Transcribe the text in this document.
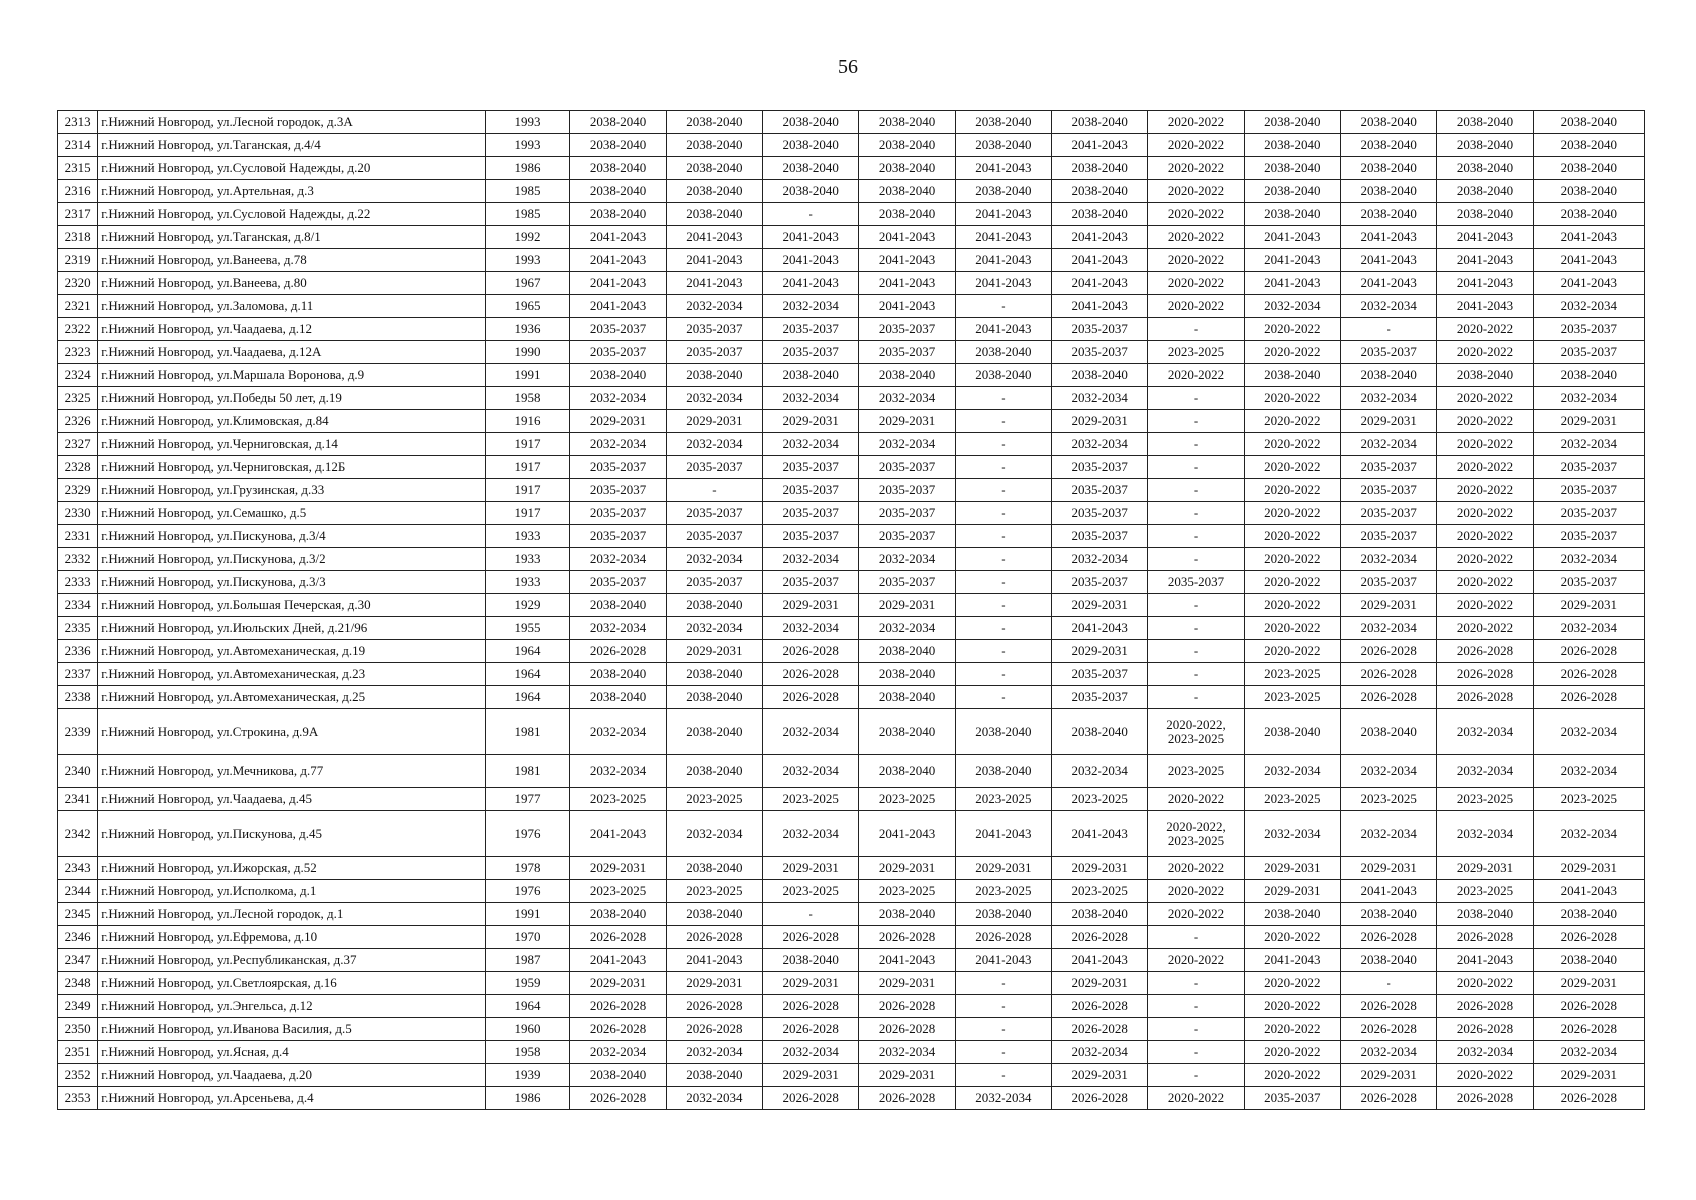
56
2313	г.Нижний Новгород, ул.Лесной городок, д.3А	1993	2038-2040	2038-2040	2038-2040	2038-2040	2038-2040	2038-2040	2020-2022	2038-2040	2038-2040	2038-2040	2038-2040
2314	г.Нижний Новгород, ул.Таганская, д.4/4	1993	2038-2040	2038-2040	2038-2040	2038-2040	2038-2040	2041-2043	2020-2022	2038-2040	2038-2040	2038-2040	2038-2040
2315	г.Нижний Новгород, ул.Сусловой Надежды, д.20	1986	2038-2040	2038-2040	2038-2040	2038-2040	2041-2043	2038-2040	2020-2022	2038-2040	2038-2040	2038-2040	2038-2040
2316	г.Нижний Новгород, ул.Артельная, д.3	1985	2038-2040	2038-2040	2038-2040	2038-2040	2038-2040	2038-2040	2020-2022	2038-2040	2038-2040	2038-2040	2038-2040
2317	г.Нижний Новгород, ул.Сусловой Надежды, д.22	1985	2038-2040	2038-2040	-	2038-2040	2041-2043	2038-2040	2020-2022	2038-2040	2038-2040	2038-2040	2038-2040
2318	г.Нижний Новгород, ул.Таганская, д.8/1	1992	2041-2043	2041-2043	2041-2043	2041-2043	2041-2043	2041-2043	2020-2022	2041-2043	2041-2043	2041-2043	2041-2043
2319	г.Нижний Новгород, ул.Ванеева, д.78	1993	2041-2043	2041-2043	2041-2043	2041-2043	2041-2043	2041-2043	2020-2022	2041-2043	2041-2043	2041-2043	2041-2043
2320	г.Нижний Новгород, ул.Ванеева, д.80	1967	2041-2043	2041-2043	2041-2043	2041-2043	2041-2043	2041-2043	2020-2022	2041-2043	2041-2043	2041-2043	2041-2043
2321	г.Нижний Новгород, ул.Заломова, д.11	1965	2041-2043	2032-2034	2032-2034	2041-2043	-	2041-2043	2020-2022	2032-2034	2032-2034	2041-2043	2032-2034
2322	г.Нижний Новгород, ул.Чаадаева, д.12	1936	2035-2037	2035-2037	2035-2037	2035-2037	2041-2043	2035-2037	-	2020-2022	-	2020-2022	2035-2037
2323	г.Нижний Новгород, ул.Чаадаева, д.12А	1990	2035-2037	2035-2037	2035-2037	2035-2037	2038-2040	2035-2037	2023-2025	2020-2022	2035-2037	2020-2022	2035-2037
2324	г.Нижний Новгород, ул.Маршала Воронова, д.9	1991	2038-2040	2038-2040	2038-2040	2038-2040	2038-2040	2038-2040	2020-2022	2038-2040	2038-2040	2038-2040	2038-2040
2325	г.Нижний Новгород, ул.Победы 50 лет, д.19	1958	2032-2034	2032-2034	2032-2034	2032-2034	-	2032-2034	-	2020-2022	2032-2034	2020-2022	2032-2034
2326	г.Нижний Новгород, ул.Климовская, д.84	1916	2029-2031	2029-2031	2029-2031	2029-2031	-	2029-2031	-	2020-2022	2029-2031	2020-2022	2029-2031
2327	г.Нижний Новгород, ул.Черниговская, д.14	1917	2032-2034	2032-2034	2032-2034	2032-2034	-	2032-2034	-	2020-2022	2032-2034	2020-2022	2032-2034
2328	г.Нижний Новгород, ул.Черниговская, д.12Б	1917	2035-2037	2035-2037	2035-2037	2035-2037	-	2035-2037	-	2020-2022	2035-2037	2020-2022	2035-2037
2329	г.Нижний Новгород, ул.Грузинская, д.33	1917	2035-2037	-	2035-2037	2035-2037	-	2035-2037	-	2020-2022	2035-2037	2020-2022	2035-2037
2330	г.Нижний Новгород, ул.Семашко, д.5	1917	2035-2037	2035-2037	2035-2037	2035-2037	-	2035-2037	-	2020-2022	2035-2037	2020-2022	2035-2037
2331	г.Нижний Новгород, ул.Пискунова, д.3/4	1933	2035-2037	2035-2037	2035-2037	2035-2037	-	2035-2037	-	2020-2022	2035-2037	2020-2022	2035-2037
2332	г.Нижний Новгород, ул.Пискунова, д.3/2	1933	2032-2034	2032-2034	2032-2034	2032-2034	-	2032-2034	-	2020-2022	2032-2034	2020-2022	2032-2034
2333	г.Нижний Новгород, ул.Пискунова, д.3/3	1933	2035-2037	2035-2037	2035-2037	2035-2037	-	2035-2037	2035-2037	2020-2022	2035-2037	2020-2022	2035-2037
2334	г.Нижний Новгород, ул.Большая Печерская, д.30	1929	2038-2040	2038-2040	2029-2031	2029-2031	-	2029-2031	-	2020-2022	2029-2031	2020-2022	2029-2031
2335	г.Нижний Новгород, ул.Июльских Дней, д.21/96	1955	2032-2034	2032-2034	2032-2034	2032-2034	-	2041-2043	-	2020-2022	2032-2034	2020-2022	2032-2034
2336	г.Нижний Новгород, ул.Автомеханическая, д.19	1964	2026-2028	2029-2031	2026-2028	2038-2040	-	2029-2031	-	2020-2022	2026-2028	2026-2028	2026-2028
2337	г.Нижний Новгород, ул.Автомеханическая, д.23	1964	2038-2040	2038-2040	2026-2028	2038-2040	-	2035-2037	-	2023-2025	2026-2028	2026-2028	2026-2028
2338	г.Нижний Новгород, ул.Автомеханическая, д.25	1964	2038-2040	2038-2040	2026-2028	2038-2040	-	2035-2037	-	2023-2025	2026-2028	2026-2028	2026-2028
2339	г.Нижний Новгород, ул.Строкина, д.9А	1981	2032-2034	2038-2040	2032-2034	2038-2040	2038-2040	2038-2040	2020-2022,
2023-2025	2038-2040	2038-2040	2032-2034	2032-2034
2340	г.Нижний Новгород, ул.Мечникова, д.77	1981	2032-2034	2038-2040	2032-2034	2038-2040	2038-2040	2032-2034	2023-2025	2032-2034	2032-2034	2032-2034	2032-2034
2341	г.Нижний Новгород, ул.Чаадаева, д.45	1977	2023-2025	2023-2025	2023-2025	2023-2025	2023-2025	2023-2025	2020-2022	2023-2025	2023-2025	2023-2025	2023-2025
2342	г.Нижний Новгород, ул.Пискунова, д.45	1976	2041-2043	2032-2034	2032-2034	2041-2043	2041-2043	2041-2043	2020-2022,
2023-2025	2032-2034	2032-2034	2032-2034	2032-2034
2343	г.Нижний Новгород, ул.Ижорская, д.52	1978	2029-2031	2038-2040	2029-2031	2029-2031	2029-2031	2029-2031	2020-2022	2029-2031	2029-2031	2029-2031	2029-2031
2344	г.Нижний Новгород, ул.Исполкома, д.1	1976	2023-2025	2023-2025	2023-2025	2023-2025	2023-2025	2023-2025	2020-2022	2029-2031	2041-2043	2023-2025	2041-2043
2345	г.Нижний Новгород, ул.Лесной городок, д.1	1991	2038-2040	2038-2040	-	2038-2040	2038-2040	2038-2040	2020-2022	2038-2040	2038-2040	2038-2040	2038-2040
2346	г.Нижний Новгород, ул.Ефремова, д.10	1970	2026-2028	2026-2028	2026-2028	2026-2028	2026-2028	2026-2028	-	2020-2022	2026-2028	2026-2028	2026-2028
2347	г.Нижний Новгород, ул.Республиканская, д.37	1987	2041-2043	2041-2043	2038-2040	2041-2043	2041-2043	2041-2043	2020-2022	2041-2043	2038-2040	2041-2043	2038-2040
2348	г.Нижний Новгород, ул.Светлоярская, д.16	1959	2029-2031	2029-2031	2029-2031	2029-2031	-	2029-2031	-	2020-2022	-	2020-2022	2029-2031
2349	г.Нижний Новгород, ул.Энгельса, д.12	1964	2026-2028	2026-2028	2026-2028	2026-2028	-	2026-2028	-	2020-2022	2026-2028	2026-2028	2026-2028
2350	г.Нижний Новгород, ул.Иванова Василия, д.5	1960	2026-2028	2026-2028	2026-2028	2026-2028	-	2026-2028	-	2020-2022	2026-2028	2026-2028	2026-2028
2351	г.Нижний Новгород, ул.Ясная, д.4	1958	2032-2034	2032-2034	2032-2034	2032-2034	-	2032-2034	-	2020-2022	2032-2034	2032-2034	2032-2034
2352	г.Нижний Новгород, ул.Чаадаева, д.20	1939	2038-2040	2038-2040	2029-2031	2029-2031	-	2029-2031	-	2020-2022	2029-2031	2020-2022	2029-2031
2353	г.Нижний Новгород, ул.Арсеньева, д.4	1986	2026-2028	2032-2034	2026-2028	2026-2028	2032-2034	2026-2028	2020-2022	2035-2037	2026-2028	2026-2028	2026-2028
